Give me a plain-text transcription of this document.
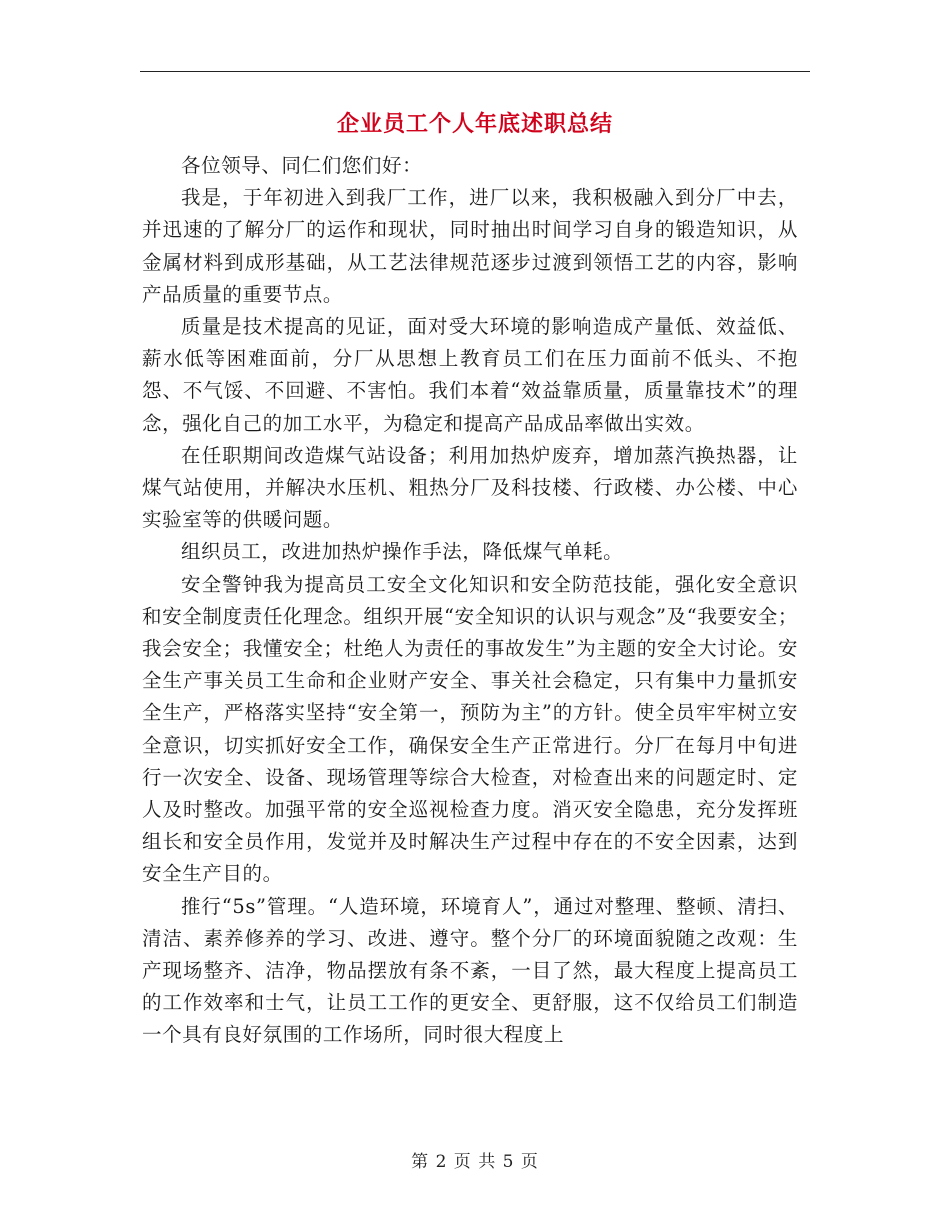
企业员工个人年底述职总结

各位领导、同仁们您们好：

我是，于年初进入到我厂工作，进厂以来，我积极融入到分厂中去，并迅速的了解分厂的运作和现状，同时抽出时间学习自身的锻造知识，从金属材料到成形基础，从工艺法律规范逐步过渡到领悟工艺的内容，影响产品质量的重要节点。

质量是技术提高的见证，面对受大环境的影响造成产量低、效益低、薪水低等困难面前，分厂从思想上教育员工们在压力面前不低头、不抱怨、不气馁、不回避、不害怕。我们本着“效益靠质量，质量靠技术”的理念，强化自己的加工水平，为稳定和提高产品成品率做出实效。

在任职期间改造煤气站设备；利用加热炉废弃，增加蒸汽换热器，让煤气站使用，并解决水压机、粗热分厂及科技楼、行政楼、办公楼、中心实验室等的供暖问题。

组织员工，改进加热炉操作手法，降低煤气单耗。

安全警钟我为提高员工安全文化知识和安全防范技能，强化安全意识和安全制度责任化理念。组织开展“安全知识的认识与观念”及“我要安全；我会安全；我懂安全；杜绝人为责任的事故发生”为主题的安全大讨论。安全生产事关员工生命和企业财产安全、事关社会稳定，只有集中力量抓安全生产，严格落实坚持“安全第一，预防为主”的方针。使全员牢牢树立安全意识，切实抓好安全工作，确保安全生产正常进行。分厂在每月中旬进行一次安全、设备、现场管理等综合大检查，对检查出来的问题定时、定人及时整改。加强平常的安全巡视检查力度。消灭安全隐患，充分发挥班组长和安全员作用，发觉并及时解决生产过程中存在的不安全因素，达到安全生产目的。

推行“5s”管理。“人造环境，环境育人”，通过对整理、整顿、清扫、清洁、素养修养的学习、改进、遵守。整个分厂的环境面貌随之改观：生产现场整齐、洁净，物品摆放有条不紊，一目了然，最大程度上提高员工的工作效率和士气，让员工工作的更安全、更舒服，这不仅给员工们制造一个具有良好氛围的工作场所，同时很大程度上

第 2 页 共 5 页
